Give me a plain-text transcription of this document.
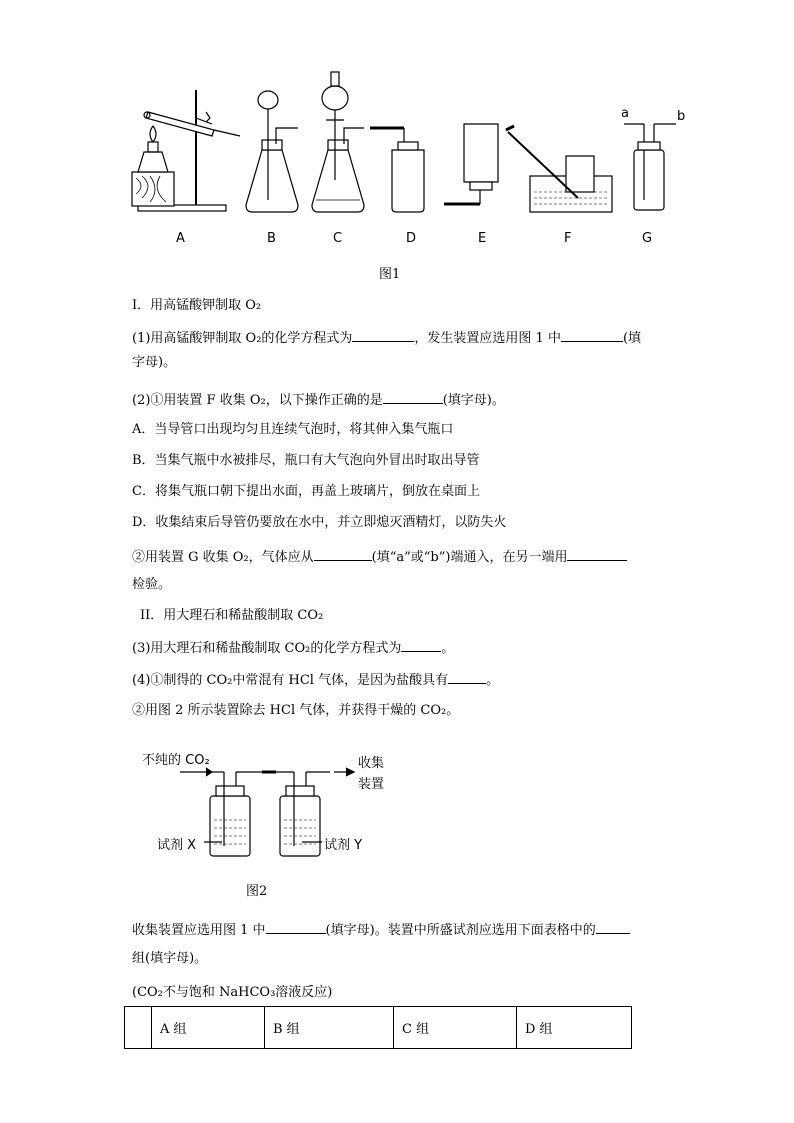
a	b
A	B	C	D	E	F	G
图1
I．用高锰酸钾制取 O₂
(1)用高锰酸钾制取 O₂的化学方程式为	，发生装置应选用图 1 中	(填
字母)。
(2)①用装置 F 收集 O₂，以下操作正确的是	(填字母)。
A．当导管口出现均匀且连续气泡时，将其伸入集气瓶口
B．当集气瓶中水被排尽，瓶口有大气泡向外冒出时取出导管
C．将集气瓶口朝下提出水面，再盖上玻璃片，倒放在桌面上
D．收集结束后导管仍要放在水中，并立即熄灭酒精灯，以防失火
②用装置 G 收集 O₂，气体应从	(填“a”或“b”)端通入，在另一端用
检验。
II．用大理石和稀盐酸制取 CO₂
(3)用大理石和稀盐酸制取 CO₂的化学方程式为	。
(4)①制得的 CO₂中常混有 HCl 气体，是因为盐酸具有	。
②用图 2 所示装置除去 HCl 气体，并获得干燥的 CO₂。
不纯的 CO₂	收集
装置
试剂 X	试剂 Y
图2
收集装置应选用图 1 中	(填字母)。装置中所盛试剂应选用下面表格中的
组(填字母)。
(CO₂不与饱和 NaHCO₃溶液反应)
	A 组	B 组	C 组	D 组
